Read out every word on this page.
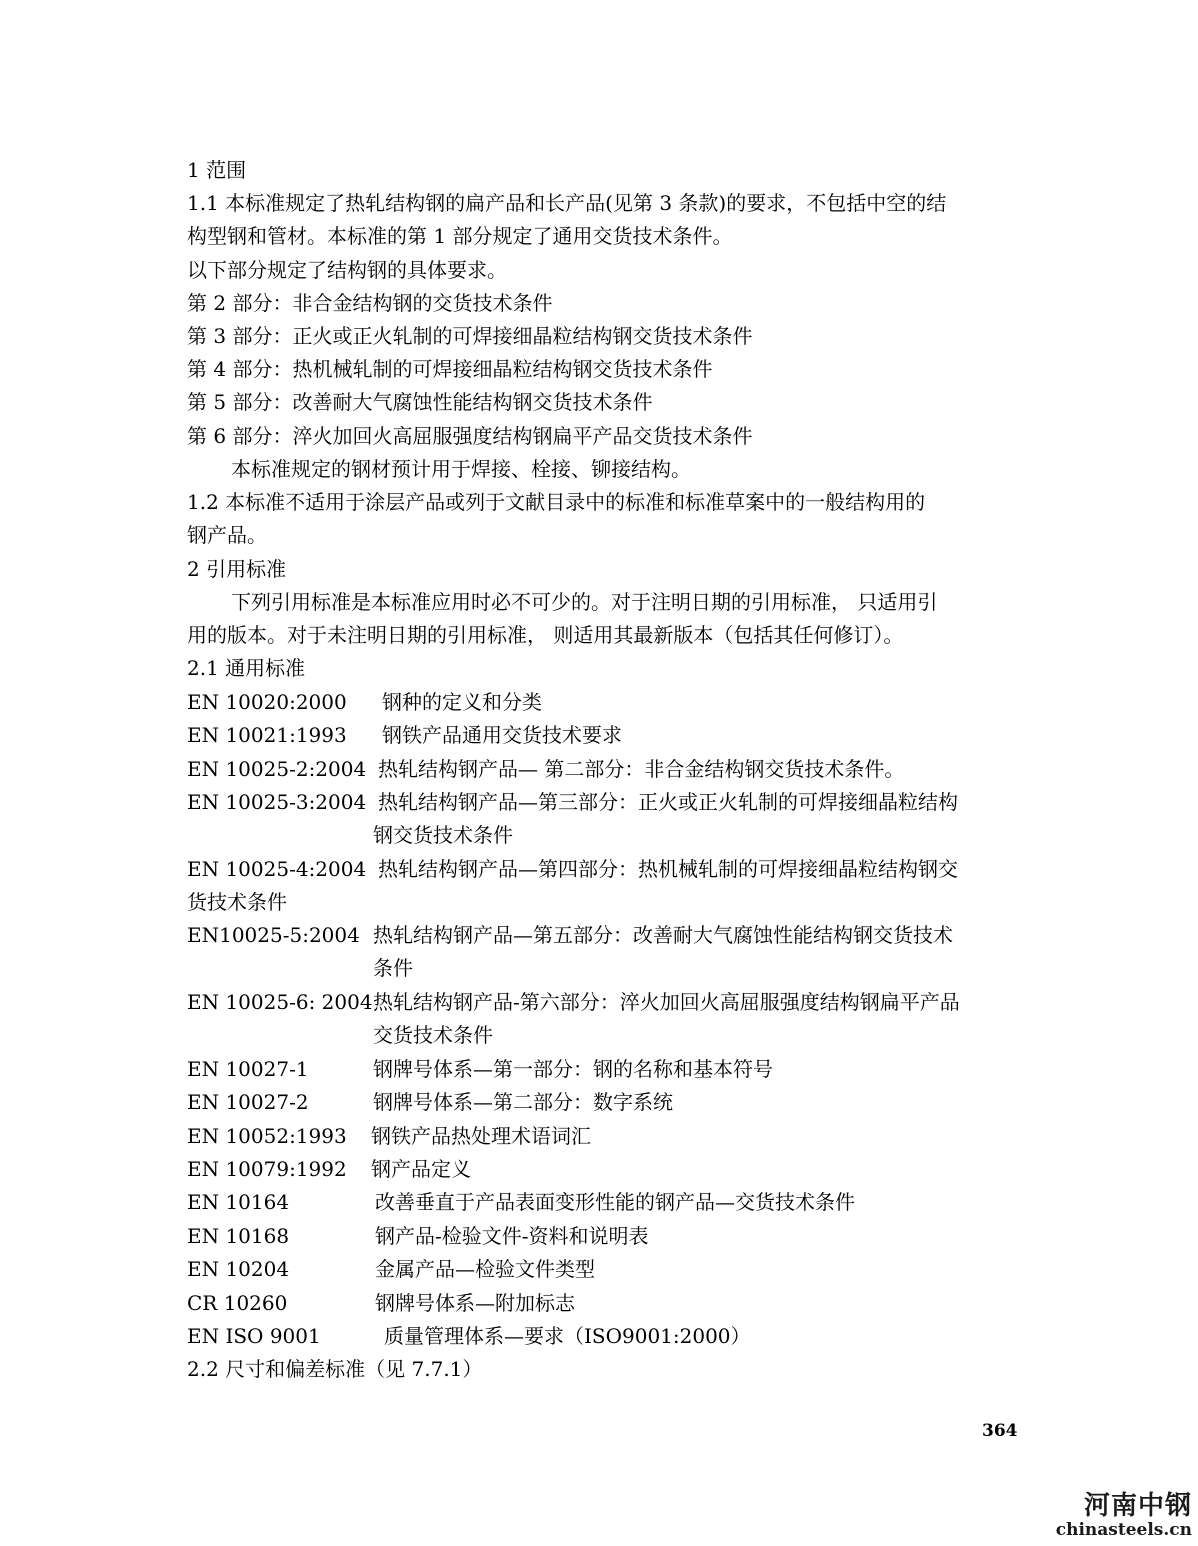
1 范围
1.1 本标准规定了热轧结构钢的扁产品和长产品(见第 3 条款)的要求，不包括中空的结
构型钢和管材。本标准的第 1 部分规定了通用交货技术条件。
以下部分规定了结构钢的具体要求。
第 2 部分：非合金结构钢的交货技术条件
第 3 部分：正火或正火轧制的可焊接细晶粒结构钢交货技术条件
第 4 部分：热机械轧制的可焊接细晶粒结构钢交货技术条件
第 5 部分：改善耐大气腐蚀性能结构钢交货技术条件
第 6 部分：淬火加回火高屈服强度结构钢扁平产品交货技术条件
本标准规定的钢材预计用于焊接、栓接、铆接结构。
1.2 本标准不适用于涂层产品或列于文献目录中的标准和标准草案中的一般结构用的
钢产品。
2 引用标准
下列引用标准是本标准应用时必不可少的。对于注明日期的引用标准， 只适用引
用的版本。对于未注明日期的引用标准， 则适用其最新版本（包括其任何修订）。
2.1 通用标准
EN 10020:2000 钢种的定义和分类
EN 10021:1993 钢铁产品通用交货技术要求
EN 10025-2:2004 热轧结构钢产品— 第二部分：非合金结构钢交货技术条件。
EN 10025-3:2004 热轧结构钢产品—第三部分：正火或正火轧制的可焊接细晶粒结构
钢交货技术条件
EN 10025-4:2004 热轧结构钢产品—第四部分：热机械轧制的可焊接细晶粒结构钢交
货技术条件
EN10025-5:2004 热轧结构钢产品—第五部分：改善耐大气腐蚀性能结构钢交货技术
条件
EN 10025-6: 2004 热轧结构钢产品-第六部分：淬火加回火高屈服强度结构钢扁平产品
交货技术条件
EN 10027-1	钢牌号体系—第一部分：钢的名称和基本符号
EN 10027-2	钢牌号体系—第二部分：数字系统
EN 10052:1993 钢铁产品热处理术语词汇
EN 10079:1992 钢产品定义
EN 10164	改善垂直于产品表面变形性能的钢产品—交货技术条件
EN 10168	钢产品-检验文件-资料和说明表
EN 10204	金属产品—检验文件类型
CR 10260	钢牌号体系—附加标志
EN ISO 9001	质量管理体系—要求（ISO9001:2000）
2.2 尺寸和偏差标准（见 7.7.1）
364
河南中钢
chinasteels.cn
